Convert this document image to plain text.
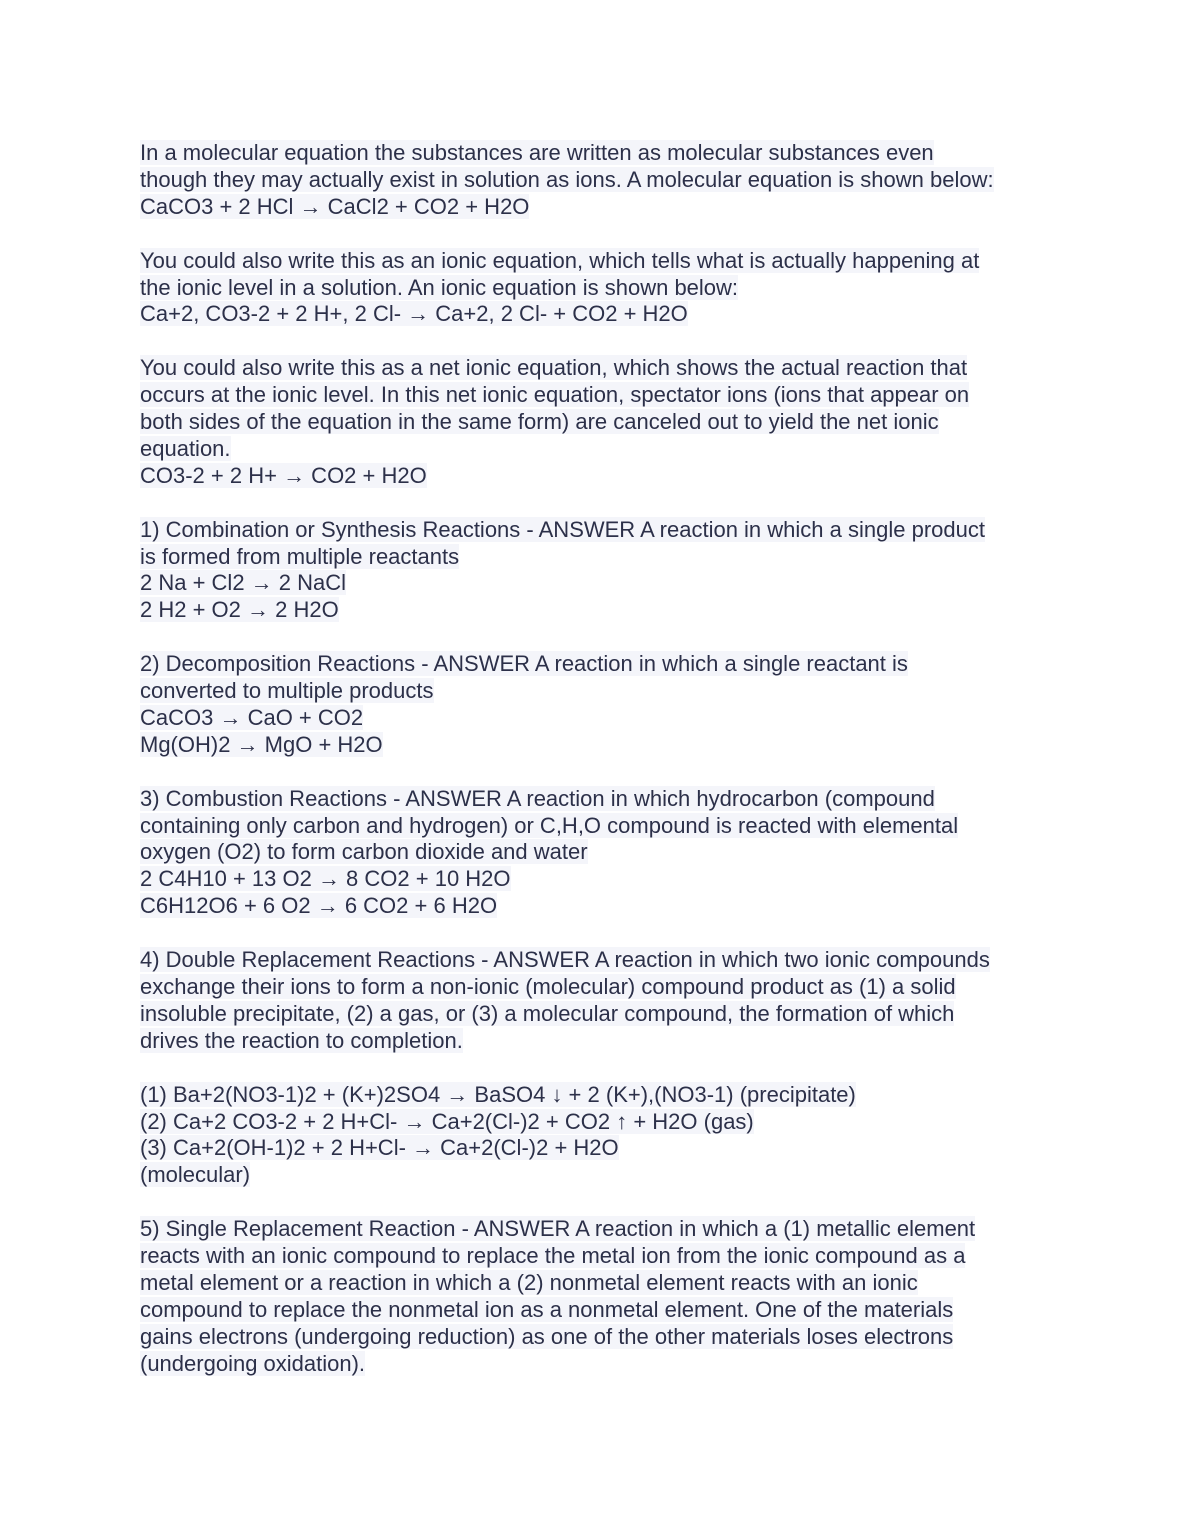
In a molecular equation the substances are written as molecular substances even
though they may actually exist in solution as ions. A molecular equation is shown below:
CaCO3 + 2 HCl → CaCl2 + CO2 + H2O
You could also write this as an ionic equation, which tells what is actually happening at
the ionic level in a solution. An ionic equation is shown below:
Ca+2, CO3-2 + 2 H+, 2 Cl- → Ca+2, 2 Cl- + CO2 + H2O
You could also write this as a net ionic equation, which shows the actual reaction that
occurs at the ionic level. In this net ionic equation, spectator ions (ions that appear on
both sides of the equation in the same form) are canceled out to yield the net ionic
equation.
CO3-2 + 2 H+ → CO2 + H2O
1) Combination or Synthesis Reactions - ANSWER A reaction in which a single product
is formed from multiple reactants
2 Na + Cl2 → 2 NaCl
2 H2 + O2 → 2 H2O
2) Decomposition Reactions - ANSWER A reaction in which a single reactant is
converted to multiple products
CaCO3 → CaO + CO2
Mg(OH)2 → MgO + H2O
3) Combustion Reactions - ANSWER A reaction in which hydrocarbon (compound
containing only carbon and hydrogen) or C,H,O compound is reacted with elemental
oxygen (O2) to form carbon dioxide and water
2 C4H10 + 13 O2 → 8 CO2 + 10 H2O
C6H12O6 + 6 O2 → 6 CO2 + 6 H2O
4) Double Replacement Reactions - ANSWER A reaction in which two ionic compounds
exchange their ions to form a non-ionic (molecular) compound product as (1) a solid
insoluble precipitate, (2) a gas, or (3) a molecular compound, the formation of which
drives the reaction to completion.
(1) Ba+2(NO3-1)2 + (K+)2SO4 → BaSO4 ↓ + 2 (K+),(NO3-1) (precipitate)
(2) Ca+2 CO3-2 + 2 H+Cl- → Ca+2(Cl-)2 + CO2 ↑ + H2O (gas)
(3) Ca+2(OH-1)2 + 2 H+Cl- → Ca+2(Cl-)2 + H2O
(molecular)
5) Single Replacement Reaction - ANSWER A reaction in which a (1) metallic element
reacts with an ionic compound to replace the metal ion from the ionic compound as a
metal element or a reaction in which a (2) nonmetal element reacts with an ionic
compound to replace the nonmetal ion as a nonmetal element. One of the materials
gains electrons (undergoing reduction) as one of the other materials loses electrons
(undergoing oxidation).
